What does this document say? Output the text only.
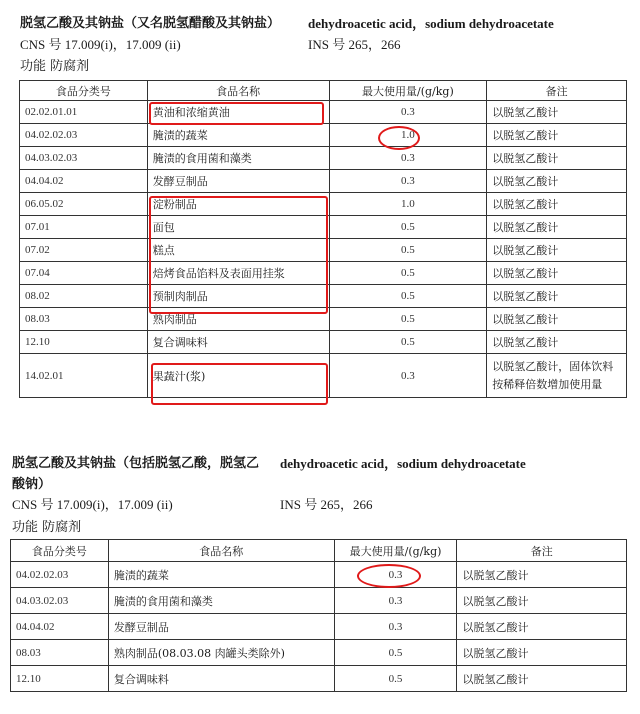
脱氢乙酸及其钠盐（又名脱氢醋酸及其钠盐） dehydroacetic acid，sodium dehydroacetate
CNS 号 17.009(i)，17.009 (ii)	INS 号 265，266
功能 防腐剂
食品分类号	食品名称	最大使用量/(g/kg)	备注
02.02.01.01	黄油和浓缩黄油	0.3	以脱氢乙酸计
04.02.02.03	腌渍的蔬菜	1.0	以脱氢乙酸计
04.03.02.03	腌渍的食用菌和藻类	0.3	以脱氢乙酸计
04.04.02	发酵豆制品	0.3	以脱氢乙酸计
06.05.02	淀粉制品	1.0	以脱氢乙酸计
07.01	面包	0.5	以脱氢乙酸计
07.02	糕点	0.5	以脱氢乙酸计
07.04	焙烤食品馅料及表面用挂浆	0.5	以脱氢乙酸计
08.02	预制肉制品	0.5	以脱氢乙酸计
08.03	熟肉制品	0.5	以脱氢乙酸计
12.10	复合调味料	0.5	以脱氢乙酸计
14.02.01	果蔬汁(浆)	0.3	以脱氢乙酸计，固体饮料按稀释倍数增加使用量
脱氢乙酸及其钠盐（包括脱氢乙酸，脱氢乙 dehydroacetic acid，sodium dehydroacetate
酸钠）
CNS 号 17.009(i)，17.009 (ii)	INS 号 265，266
功能 防腐剂
食品分类号	食品名称	最大使用量/(g/kg)	备注
04.02.02.03	腌渍的蔬菜	0.3	以脱氢乙酸计
04.03.02.03	腌渍的食用菌和藻类	0.3	以脱氢乙酸计
04.04.02	发酵豆制品	0.3	以脱氢乙酸计
08.03	熟肉制品(08.03.08 肉罐头类除外)	0.5	以脱氢乙酸计
12.10	复合调味料	0.5	以脱氢乙酸计
